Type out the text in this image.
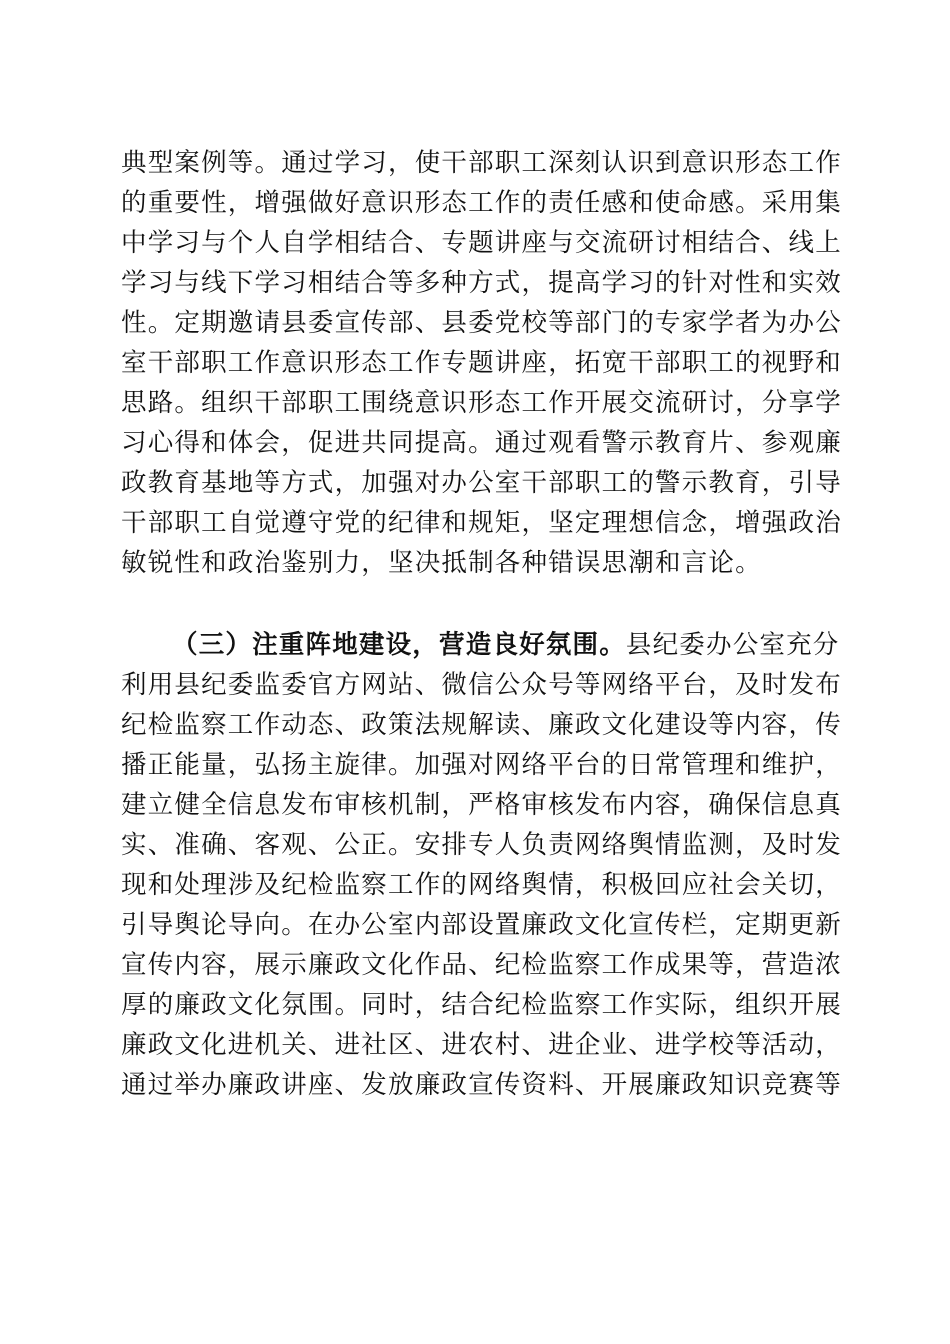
典型案例等。通过学习，使干部职工深刻认识到意识形态工作
的重要性，增强做好意识形态工作的责任感和使命感。采用集
中学习与个人自学相结合、专题讲座与交流研讨相结合、线上
学习与线下学习相结合等多种方式，提高学习的针对性和实效
性。定期邀请县委宣传部、县委党校等部门的专家学者为办公
室干部职工作意识形态工作专题讲座，拓宽干部职工的视野和
思路。组织干部职工围绕意识形态工作开展交流研讨，分享学
习心得和体会，促进共同提高。通过观看警示教育片、参观廉
政教育基地等方式，加强对办公室干部职工的警示教育，引导
干部职工自觉遵守党的纪律和规矩，坚定理想信念，增强政治
敏锐性和政治鉴别力，坚决抵制各种错误思潮和言论。
（三）注重阵地建设，营造良好氛围。县纪委办公室充分
利用县纪委监委官方网站、微信公众号等网络平台，及时发布
纪检监察工作动态、政策法规解读、廉政文化建设等内容，传
播正能量，弘扬主旋律。加强对网络平台的日常管理和维护，
建立健全信息发布审核机制，严格审核发布内容，确保信息真
实、准确、客观、公正。安排专人负责网络舆情监测，及时发
现和处理涉及纪检监察工作的网络舆情，积极回应社会关切，
引导舆论导向。在办公室内部设置廉政文化宣传栏，定期更新
宣传内容，展示廉政文化作品、纪检监察工作成果等，营造浓
厚的廉政文化氛围。同时，结合纪检监察工作实际，组织开展
廉政文化进机关、进社区、进农村、进企业、进学校等活动，
通过举办廉政讲座、发放廉政宣传资料、开展廉政知识竞赛等
